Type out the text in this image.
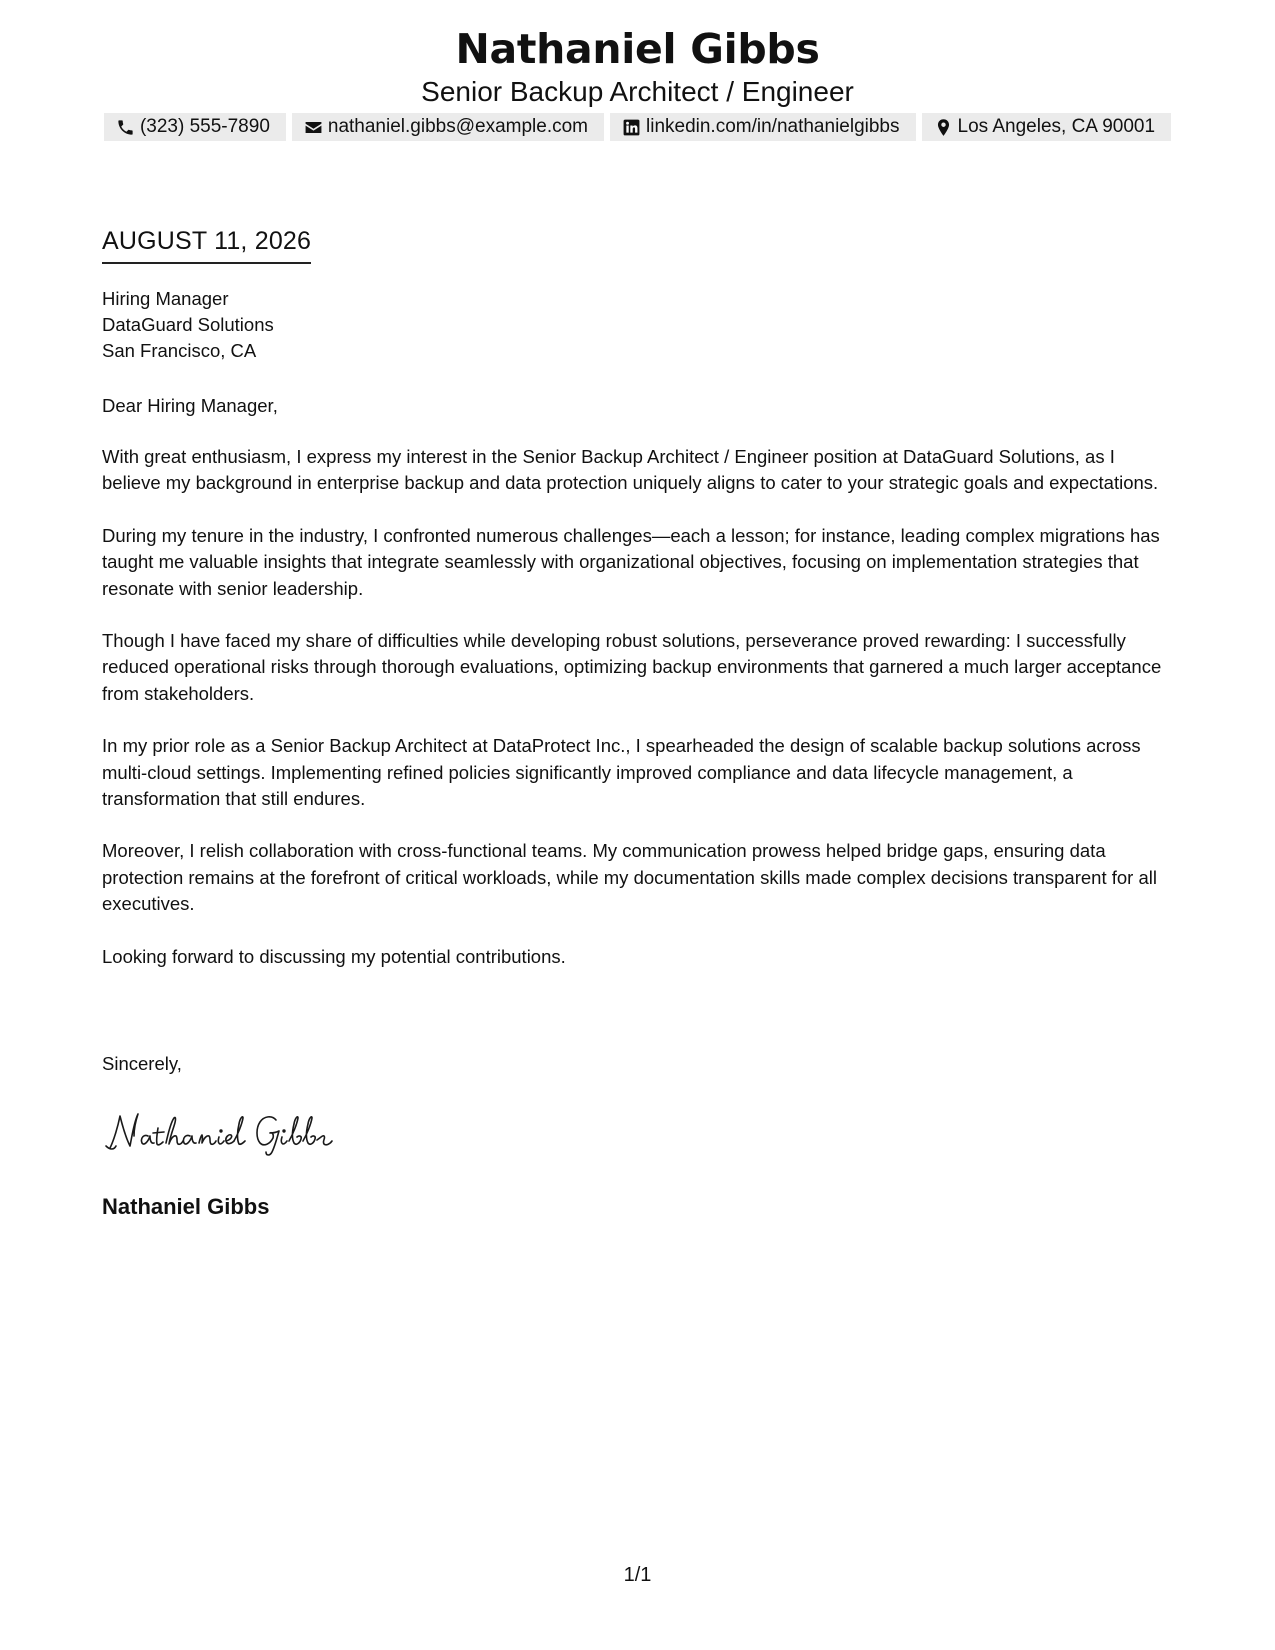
Nathaniel Gibbs
Senior Backup Architect / Engineer
(323) 555-7890	nathaniel.gibbs@example.com	linkedin.com/in/nathanielgibbs	Los Angeles, CA 90001
AUGUST 11, 2026
Hiring Manager
DataGuard Solutions
San Francisco, CA
Dear Hiring Manager,

With great enthusiasm, I express my interest in the Senior Backup Architect / Engineer position at DataGuard Solutions, as I believe my background in enterprise backup and data protection uniquely aligns to cater to your strategic goals and expectations.

During my tenure in the industry, I confronted numerous challenges—each a lesson; for instance, leading complex migrations has taught me valuable insights that integrate seamlessly with organizational objectives, focusing on implementation strategies that resonate with senior leadership.

Though I have faced my share of difficulties while developing robust solutions, perseverance proved rewarding: I successfully reduced operational risks through thorough evaluations, optimizing backup environments that garnered a much larger acceptance from stakeholders.

In my prior role as a Senior Backup Architect at DataProtect Inc., I spearheaded the design of scalable backup solutions across multi-cloud settings. Implementing refined policies significantly improved compliance and data lifecycle management, a transformation that still endures.

Moreover, I relish collaboration with cross-functional teams. My communication prowess helped bridge gaps, ensuring data protection remains at the forefront of critical workloads, while my documentation skills made complex decisions transparent for all executives.

Looking forward to discussing my potential contributions.

Sincerely,
Nathaniel Gibbs
1/1
